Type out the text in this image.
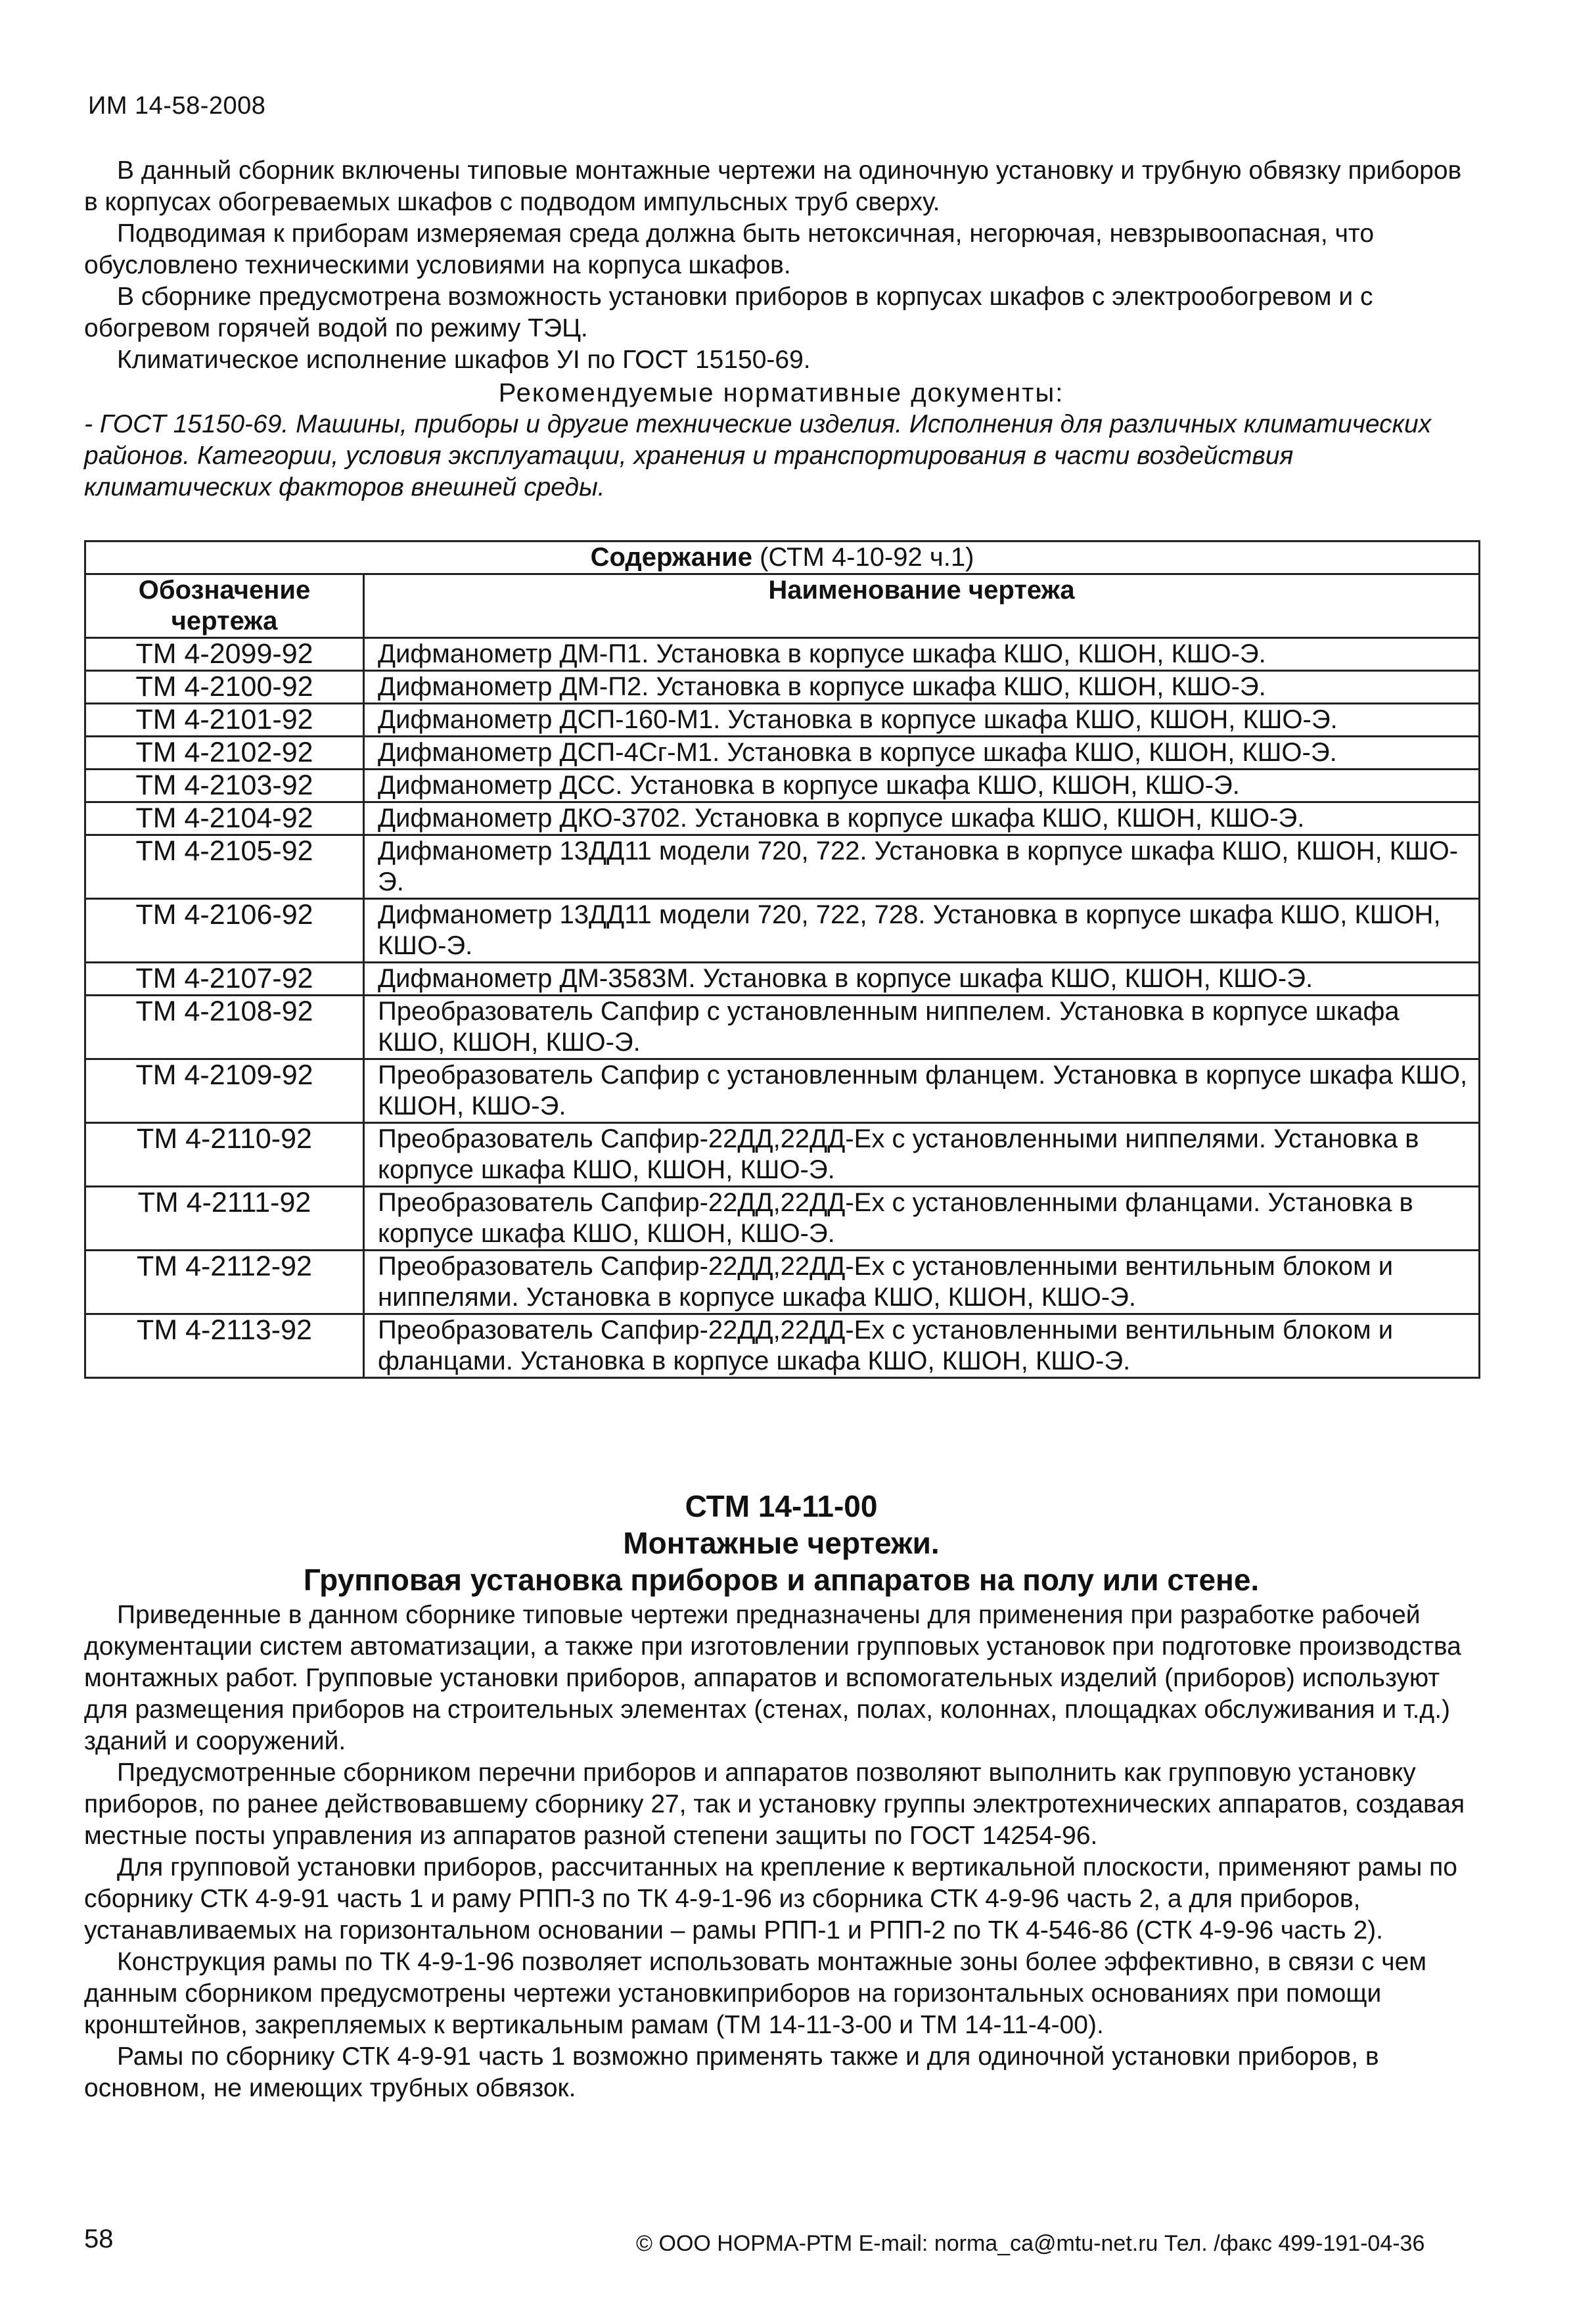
ИМ 14-58-2008

В данный сборник включены типовые монтажные чертежи на одиночную установку и трубную обвязку приборов в корпусах обогреваемых шкафов с подводом импульсных труб сверху.

Подводимая к приборам измеряемая среда должна быть нетоксичная, негорючая, невзрывоопасная, что обусловлено техническими условиями на корпуса шкафов.

В сборнике предусмотрена возможность установки приборов в корпусах шкафов с электрообогревом и с обогревом горячей водой по режиму ТЭЦ.

Климатическое исполнение шкафов УI по ГОСТ 15150-69.

Рекомендуемые нормативные документы:

- ГОСТ 15150-69. Машины, приборы и другие технические изделия. Исполнения для различных климатических районов. Категории, условия эксплуатации, хранения и транспортирования в части воздействия климатических факторов внешней среды.

Содержание (СТМ 4-10-92 ч.1)	
Обозначение чертежа	Наименование чертежа
ТМ 4-2099-92	Дифманометр ДМ-П1. Установка в корпусе шкафа КШО, КШОН, КШО-Э.
ТМ 4-2100-92	Дифманометр ДМ-П2. Установка в корпусе шкафа КШО, КШОН, КШО-Э.
ТМ 4-2101-92	Дифманометр ДСП-160-М1. Установка в корпусе шкафа КШО, КШОН, КШО-Э.
ТМ 4-2102-92	Дифманометр ДСП-4Сг-М1. Установка в корпусе шкафа КШО, КШОН, КШО-Э.
ТМ 4-2103-92	Дифманометр ДСС. Установка в корпусе шкафа КШО, КШОН, КШО-Э.
ТМ 4-2104-92	Дифманометр ДКО-3702. Установка в корпусе шкафа КШО, КШОН, КШО-Э.
ТМ 4-2105-92	Дифманометр 13ДД11 модели 720, 722. Установка в корпусе шкафа КШО, КШОН, КШО-Э.
ТМ 4-2106-92	Дифманометр 13ДД11 модели 720, 722, 728. Установка в корпусе шкафа КШО, КШОН, КШО-Э.
ТМ 4-2107-92	Дифманометр ДМ-3583М. Установка в корпусе шкафа КШО, КШОН, КШО-Э.
ТМ 4-2108-92	Преобразователь Сапфир с установленным ниппелем. Установка в корпусе шкафа КШО, КШОН, КШО-Э.
ТМ 4-2109-92	Преобразователь Сапфир с установленным фланцем. Установка в корпусе шкафа КШО, КШОН, КШО-Э.
ТМ 4-2110-92	Преобразователь Сапфир-22ДД,22ДД-Ех с установленными ниппелями. Установка в корпусе шкафа КШО, КШОН, КШО-Э.
ТМ 4-2111-92	Преобразователь Сапфир-22ДД,22ДД-Ех с установленными фланцами. Установка в корпусе шкафа КШО, КШОН, КШО-Э.
ТМ 4-2112-92	Преобразователь Сапфир-22ДД,22ДД-Ех с установленными вентильным блоком и ниппелями. Установка в корпусе шкафа КШО, КШОН, КШО-Э.
ТМ 4-2113-92	Преобразователь Сапфир-22ДД,22ДД-Ех с установленными вентильным блоком и фланцами. Установка в корпусе шкафа КШО, КШОН, КШО-Э.
СТМ 14-11-00
Монтажные чертежи.
Групповая установка приборов и аппаратов на полу или стене.

Приведенные в данном сборнике типовые чертежи предназначены для применения при разработке рабочей документации систем автоматизации, а также при изготовлении групповых установок при подготовке производства монтажных работ. Групповые установки приборов, аппаратов и вспомогательных изделий (приборов) используют для размещения приборов на строительных элементах (стенах, полах, колоннах, площадках обслуживания и т.д.) зданий и сооружений.

Предусмотренные сборником перечни приборов и аппаратов позволяют выполнить как групповую установку приборов, по ранее действовавшему сборнику 27, так и установку группы электротехнических аппаратов, создавая местные посты управления из аппаратов разной степени защиты по ГОСТ 14254-96.

Для групповой установки приборов, рассчитанных на крепление к вертикальной плоскости, применяют рамы по сборнику СТК 4-9-91 часть 1 и раму РПП-3 по ТК 4-9-1-96 из сборника СТК 4-9-96 часть 2, а для приборов, устанавливаемых на горизонтальном основании – рамы РПП-1 и РПП-2 по ТК 4-546-86 (СТК 4-9-96 часть 2).

Конструкция рамы по ТК 4-9-1-96 позволяет использовать монтажные зоны более эффективно, в связи с чем данным сборником предусмотрены чертежи установкиприборов на горизонтальных основаниях при помощи кронштейнов, закрепляемых к вертикальным рамам (ТМ 14-11-3-00 и ТМ 14-11-4-00).

Рамы по сборнику СТК 4-9-91 часть 1 возможно применять также и для одиночной установки приборов, в основном, не имеющих трубных обвязок.

58	© ООО НОРМА-РТМ E-mail: norma_ca@mtu-net.ru Тел. /факс 499-191-04-36
